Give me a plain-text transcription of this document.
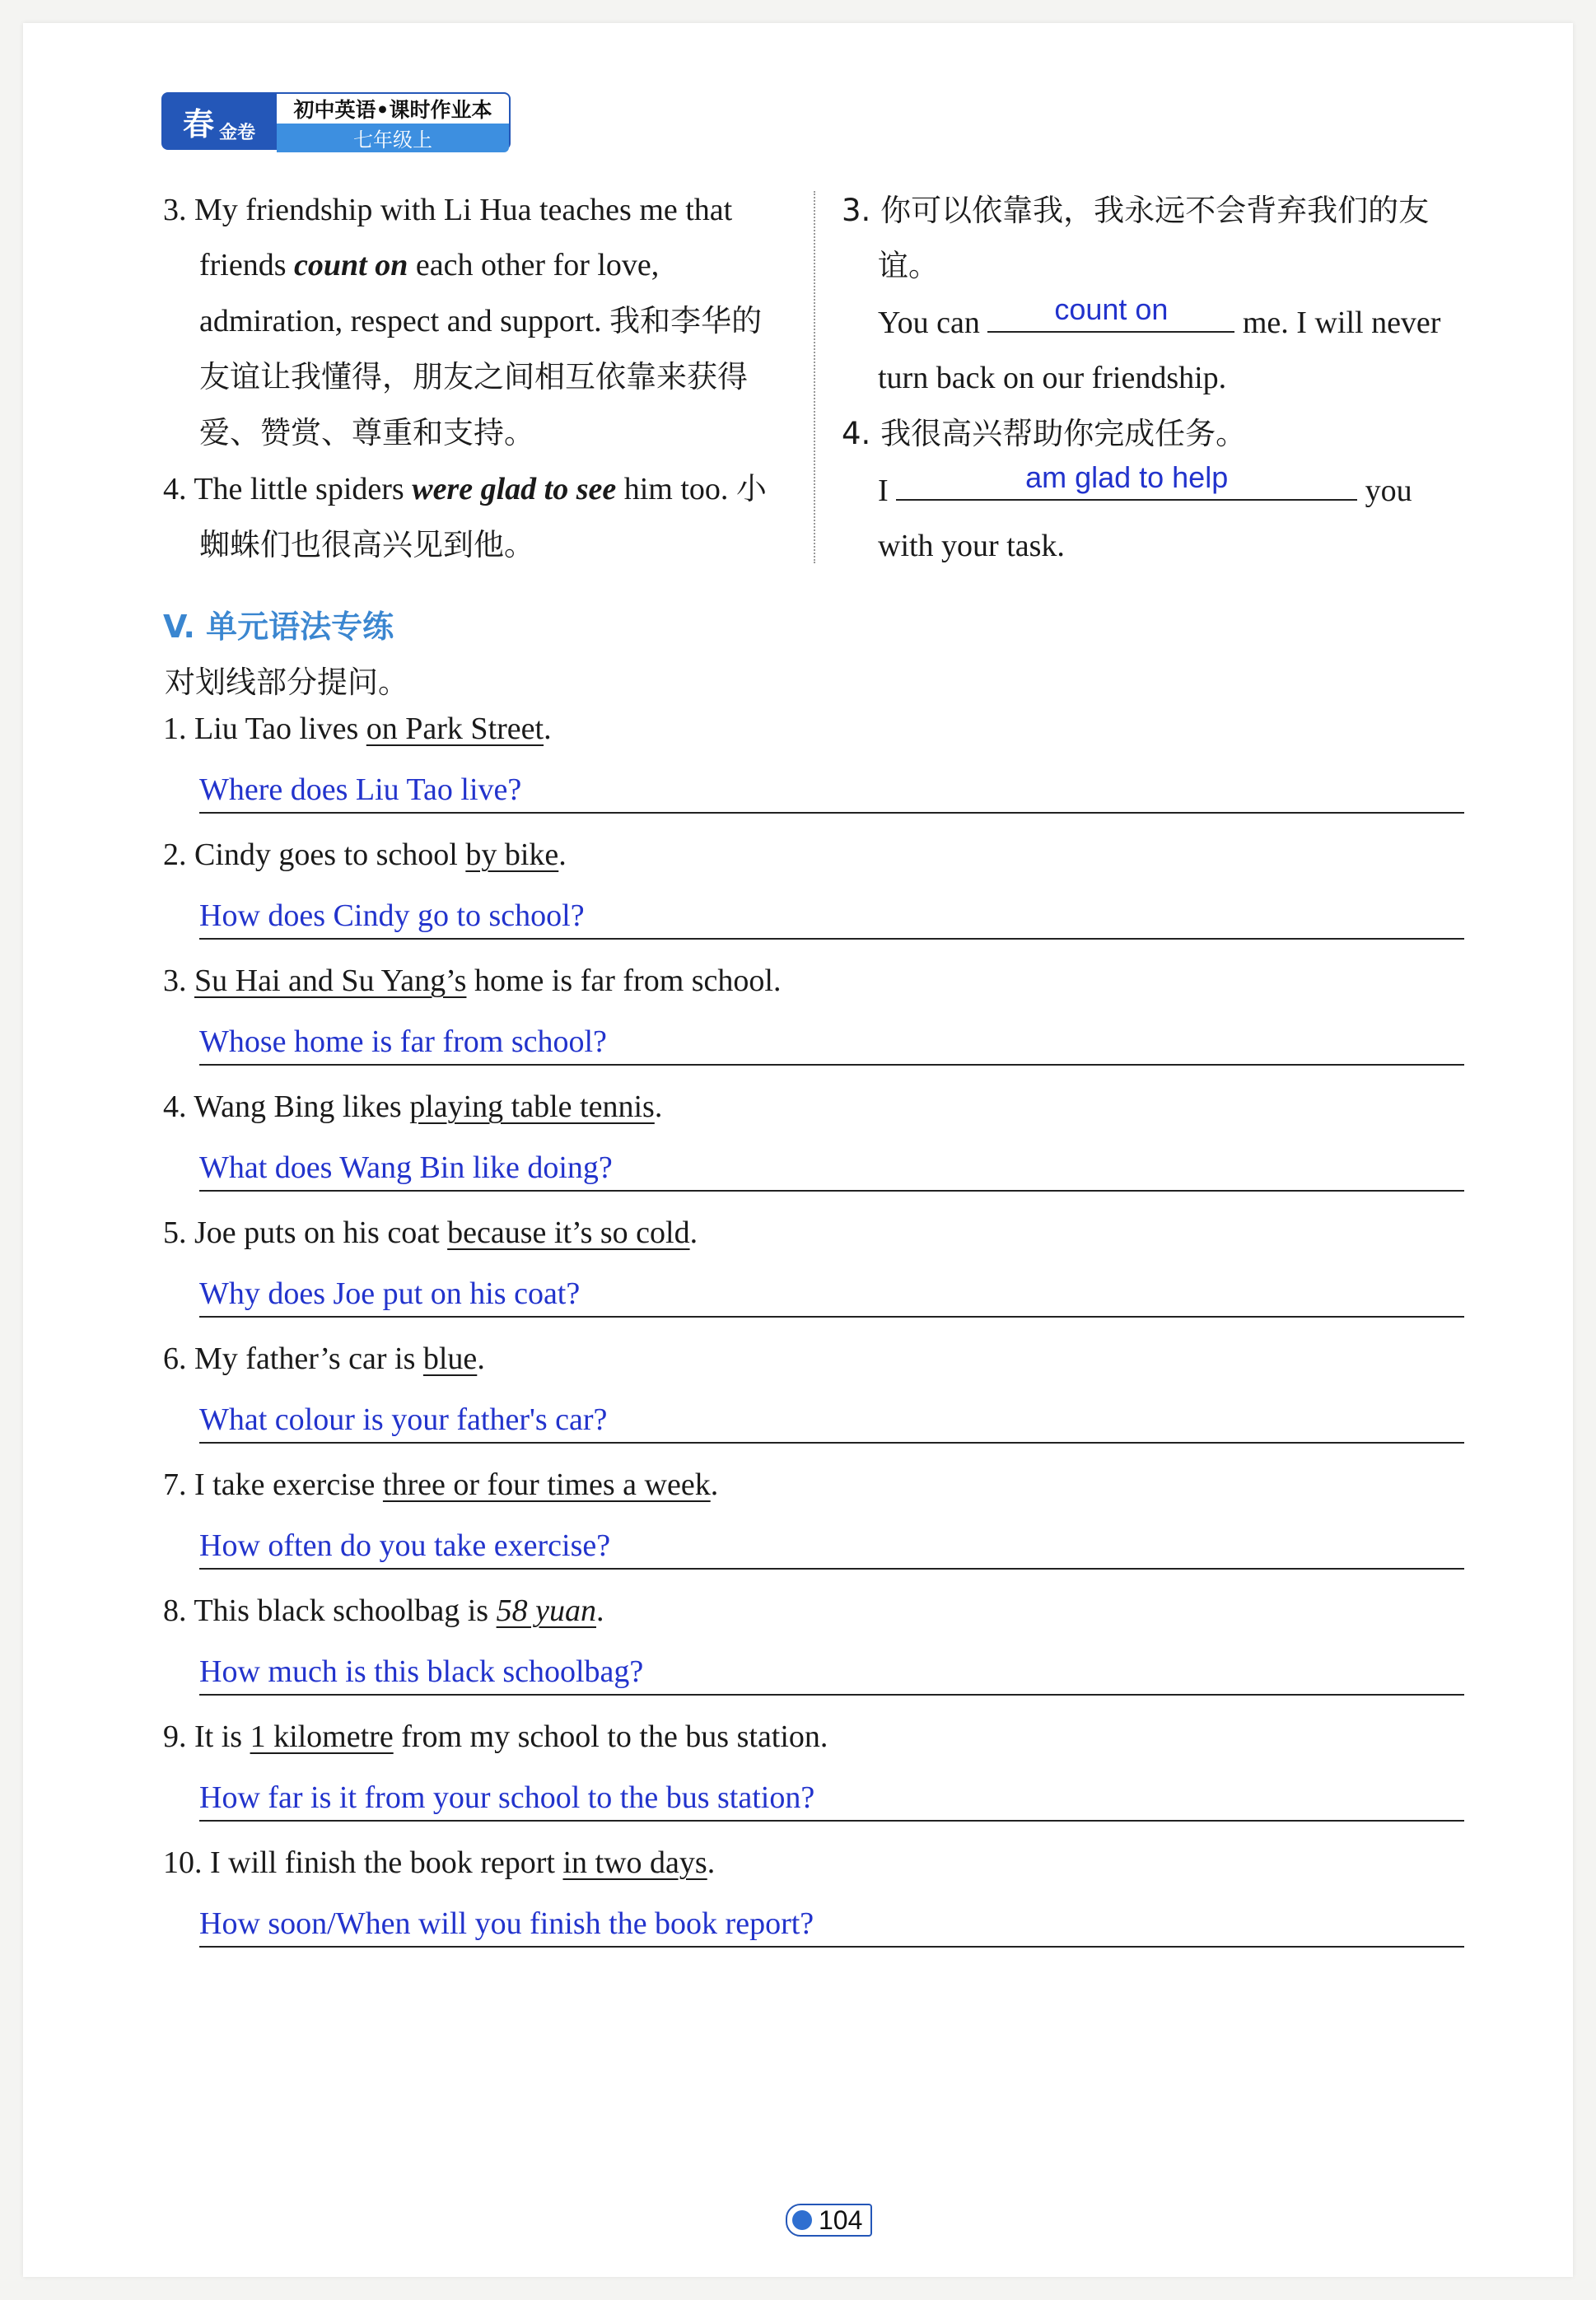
春 金卷
初中英语•课时作业本
七年级上
3. My friendship with Li Hua teaches me that friends count on each other for love, admiration, respect and support. 我和李华的友谊让我懂得，朋友之间相互依靠来获得爱、赞赏、尊重和支持。
4. The little spiders were glad to see him too. 小蜘蛛们也很高兴见到他。
3. 你可以依靠我，我永远不会背弃我们的友谊。
You can	count on	me. I will never
turn back on our friendship.
4. 我很高兴帮助你完成任务。
I	am glad to help	you
with your task.
V. 单元语法专练
对划线部分提问。
1. Liu Tao lives on Park Street.
Where does Liu Tao live?
2. Cindy goes to school by bike.
How does Cindy go to school?
3. Su Hai and Su Yang’s home is far from school.
Whose home is far from school?
4. Wang Bing likes playing table tennis.
What does Wang Bin like doing?
5. Joe puts on his coat because it’s so cold.
Why does Joe put on his coat?
6. My father’s car is blue.
What colour is your father's car?
7. I take exercise three or four times a week.
How often do you take exercise?
8. This black schoolbag is 58 yuan.
How much is this black schoolbag?
9. It is 1 kilometre from my school to the bus station.
How far is it from your school to the bus station?
10. I will finish the book report in two days.
How soon/When will you finish the book report?
104
